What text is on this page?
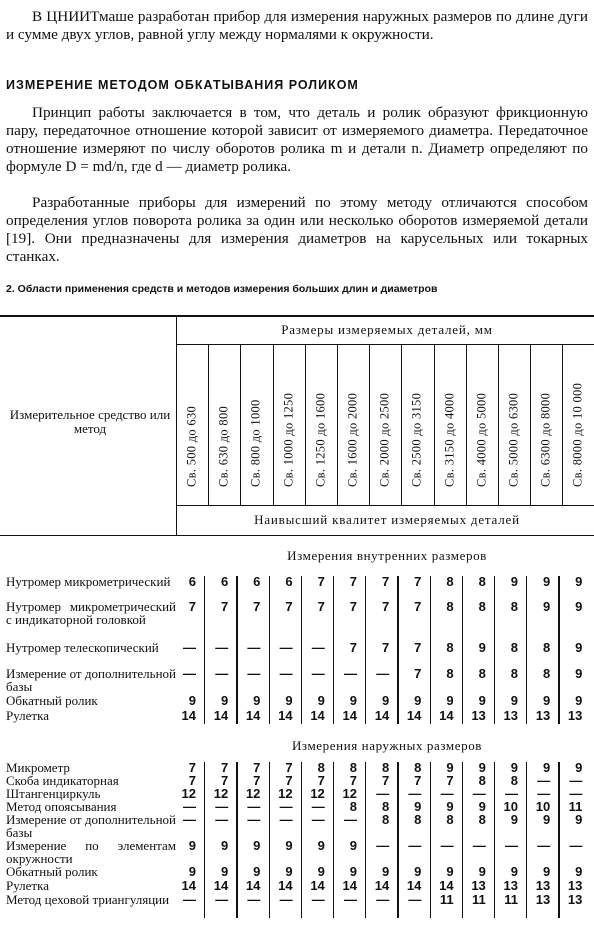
В ЦНИИТмаше разработан прибор для измерения наружных размеров по длине дуги и сумме двух углов, равной углу между нормалями к окружности.

ИЗМЕРЕНИЕ МЕТОДОМ ОБКАТЫВАНИЯ РОЛИКОМ

Принцип работы заключается в том, что деталь и ролик образуют фрикционную пару, передаточное отношение которой зависит от измеряемого диаметра. Передаточное отношение измеряют по числу оборотов ролика m и детали n. Диаметр определяют по формуле D = md/n, где d — диаметр ролика.

Разработанные приборы для измерений по этому методу отличаются способом определения углов поворота ролика за один или несколько оборотов измеряемой детали [19]. Они предназначены для измерения диаметров на карусельных или токарных станках.

2. Области применения средств и методов измерения больших длин и диаметров
Размеры измеряемых деталей, мм
Наивысший квалитет измеряемых деталей
Измерительное средство или метод	Св. 500 до 630 Св. 630 до 800 Св. 800 до 1000 Св. 1000 до 1250 Св. 1250 до 1600 Св. 1600 до 2000 Св. 2000 до 2500 Св. 2500 до 3150 Св. 3150 до 4000 Св. 4000 до 5000 Св. 5000 до 6300 Св. 6300 до 8000 Св. 8000 до 10 000
Измерения внутренних размеров
Нутромер микрометрический	6	6	6	6	7	7	7	7	8	8	9	9	9
Нутромер микрометрический с индикаторной головкой
7	7	7	7	7	7	7	7	8	8	8	9	9
Нутромер телескопический	—	—	—	—	—	7	7	7	8	9	8	8	9
Измерение от дополнительной базы
—	—	—	—	—	—	—	7	8	8	8	8	9
Обкатный ролик	9	9	9	9	9	9	9	9	9	9	9	9	9
Рулетка	14	14	14	14	14	14	14	14	14	13	13	13	13
Измерения наружных размеров
Микрометр	7	7	7	7	8	8	8	8	9	9	9	9	9
Скоба индикаторная	7	7	7	7	7	7	7	7	7	8	8	—	—
Штангенциркуль	12	12	12	12	12	12	—	—	—	—	—	—	—
Метод опоясывания	—	—	—	—	—	8	8	9	9	9	10	10	11
Измерение от дополнительной базы
—	—	—	—	—	—	8	8	8	8	9	9	9
Измерение по элементам окружности
9	9	9	9	9	9	—	—	—	—	—	—	—
Обкатный ролик	9	9	9	9	9	9	9	9	9	9	9	9	9
Рулетка	14	14	14	14	14	14	14	14	14	13	13	13	13
Метод цеховой триангуляции	—	—	—	—	—	—	—	—	11	11	11	13	13
